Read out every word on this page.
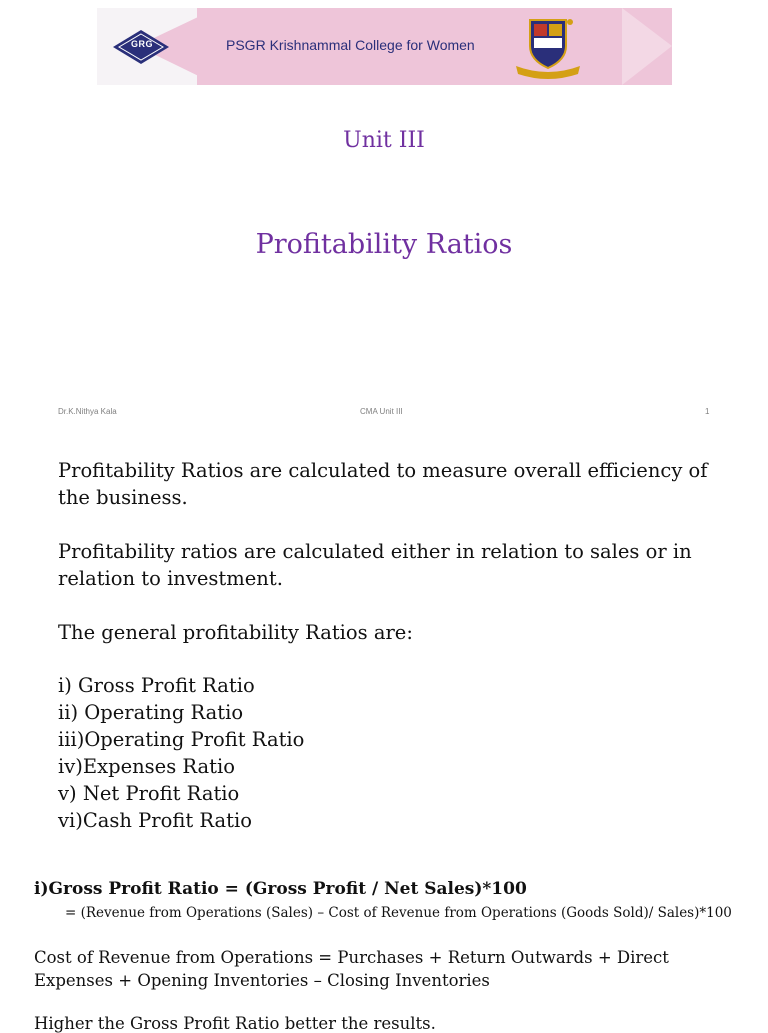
GRG	PSGR Krishnammal College for Women
Unit III
Profitability Ratios
Dr.K.Nithya Kala	CMA Unit III	1
Profitability Ratios are calculated to measure overall efficiency of the business.
Profitability ratios are calculated either in relation to sales or in relation to investment.
The general profitability Ratios are:
i) Gross Profit Ratio
ii) Operating Ratio
iii)Operating Profit Ratio
iv)Expenses Ratio
v) Net Profit Ratio
vi)Cash Profit Ratio
i)Gross Profit Ratio = (Gross Profit / Net Sales)*100
= (Revenue from Operations (Sales) – Cost of Revenue from Operations (Goods Sold)/ Sales)*100
Cost of Revenue from Operations = Purchases + Return Outwards + Direct Expenses + Opening Inventories – Closing Inventories
Higher the Gross Profit Ratio better the results.
